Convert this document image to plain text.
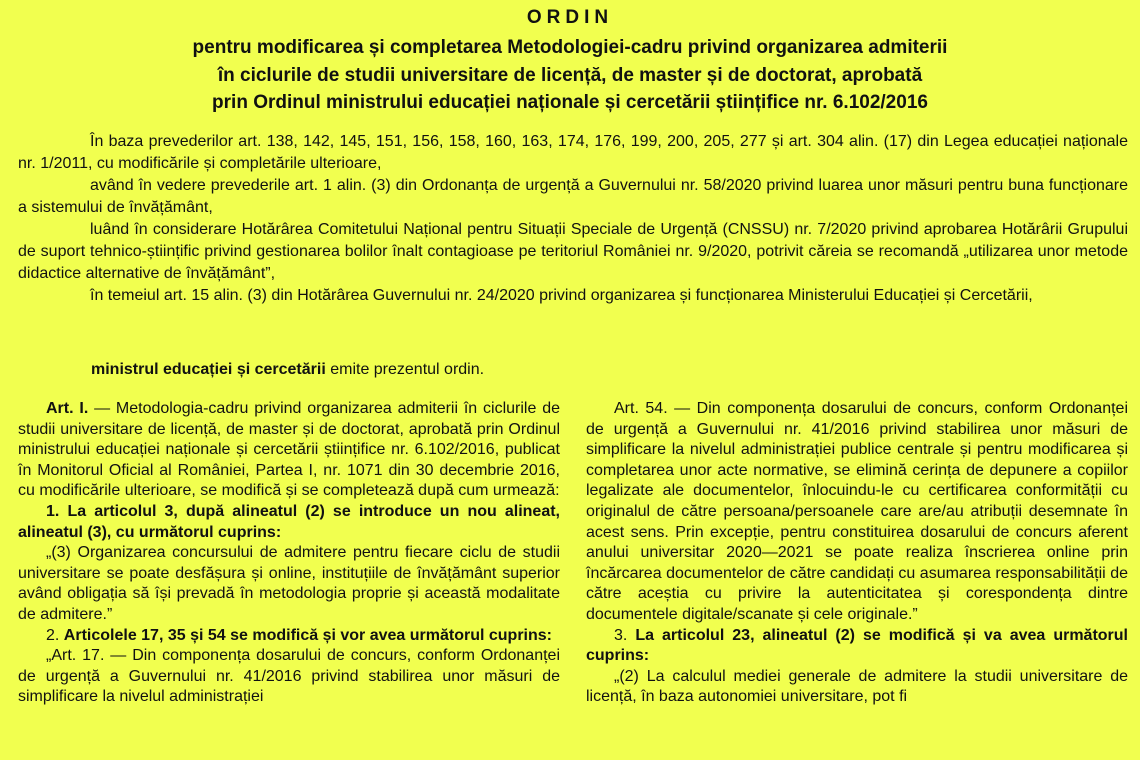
ORDIN
pentru modificarea și completarea Metodologiei-cadru privind organizarea admiterii
în ciclurile de studii universitare de licență, de master și de doctorat, aprobată
prin Ordinul ministrului educației naționale și cercetării științifice nr. 6.102/2016

În baza prevederilor art. 138, 142, 145, 151, 156, 158, 160, 163, 174, 176, 199, 200, 205, 277 și art. 304 alin. (17) din Legea educației naționale nr. 1/2011, cu modificările și completările ulterioare,

având în vedere prevederile art. 1 alin. (3) din Ordonanța de urgență a Guvernului nr. 58/2020 privind luarea unor măsuri pentru buna funcționare a sistemului de învățământ,

luând în considerare Hotărârea Comitetului Național pentru Situații Speciale de Urgență (CNSSU) nr. 7/2020 privind aprobarea Hotărârii Grupului de suport tehnico-științific privind gestionarea bolilor înalt contagioase pe teritoriul României nr. 9/2020, potrivit căreia se recomandă „utilizarea unor metode didactice alternative de învățământ”,

în temeiul art. 15 alin. (3) din Hotărârea Guvernului nr. 24/2020 privind organizarea și funcționarea Ministerului Educației și Cercetării,

ministrul educației și cercetării emite prezentul ordin.

Art. I. — Metodologia-cadru privind organizarea admiterii în ciclurile de studii universitare de licență, de master și de doctorat, aprobată prin Ordinul ministrului educației naționale și cercetării științifice nr. 6.102/2016, publicat în Monitorul Oficial al României, Partea I, nr. 1071 din 30 decembrie 2016, cu modificările ulterioare, se modifică și se completează după cum urmează:

1. La articolul 3, după alineatul (2) se introduce un nou alineat, alineatul (3), cu următorul cuprins:

„(3) Organizarea concursului de admitere pentru fiecare ciclu de studii universitare se poate desfășura și online, instituțiile de învățământ superior având obligația să își prevadă în metodologia proprie și această modalitate de admitere.”

2. Articolele 17, 35 și 54 se modifică și vor avea următorul cuprins:

„Art. 17. — Din componența dosarului de concurs, conform Ordonanței de urgență a Guvernului nr. 41/2016 privind stabilirea unor măsuri de simplificare la nivelul administrației

Art. 54. — Din componența dosarului de concurs, conform Ordonanței de urgență a Guvernului nr. 41/2016 privind stabilirea unor măsuri de simplificare la nivelul administrației publice centrale și pentru modificarea și completarea unor acte normative, se elimină cerința de depunere a copiilor legalizate ale documentelor, înlocuindu-le cu certificarea conformității cu originalul de către persoana/persoanele care are/au atribuții desemnate în acest sens. Prin excepție, pentru constituirea dosarului de concurs aferent anului universitar 2020—2021 se poate realiza înscrierea online prin încărcarea documentelor de către candidați cu asumarea responsabilității de către aceștia cu privire la autenticitatea și corespondența dintre documentele digitale/scanate și cele originale.”

3. La articolul 23, alineatul (2) se modifică și va avea următorul cuprins:

„(2) La calculul mediei generale de admitere la studii universitare de licență, în baza autonomiei universitare, pot fi
